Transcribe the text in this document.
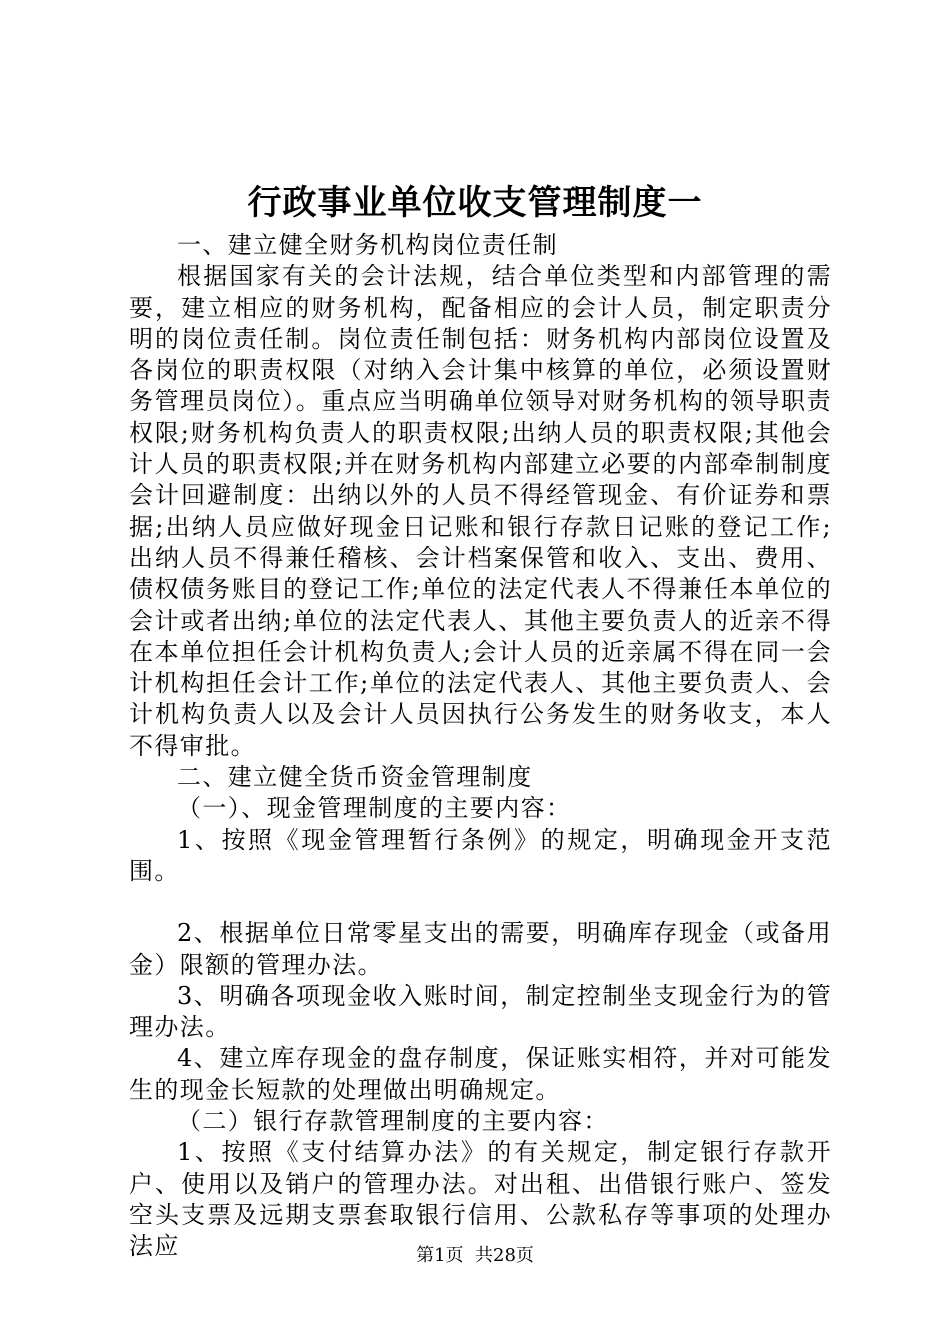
行政事业单位收支管理制度一

一、建立健全财务机构岗位责任制

根据国家有关的会计法规，结合单位类型和内部管理的需要，建立相应的财务机构，配备相应的会计人员，制定职责分明的岗位责任制。岗位责任制包括：财务机构内部岗位设置及各岗位的职责权限（对纳入会计集中核算的单位，必须设置财务管理员岗位）。重点应当明确单位领导对财务机构的领导职责权限;财务机构负责人的职责权限;出纳人员的职责权限;其他会计人员的职责权限;并在财务机构内部建立必要的内部牵制制度会计回避制度：出纳以外的人员不得经管现金、有价证券和票据;出纳人员应做好现金日记账和银行存款日记账的登记工作;出纳人员不得兼任稽核、会计档案保管和收入、支出、费用、债权债务账目的登记工作;单位的法定代表人不得兼任本单位的会计或者出纳;单位的法定代表人、其他主要负责人的近亲不得在本单位担任会计机构负责人;会计人员的近亲属不得在同一会计机构担任会计工作;单位的法定代表人、其他主要负责人、会计机构负责人以及会计人员因执行公务发生的财务收支，本人不得审批。

二、建立健全货币资金管理制度

（一）、现金管理制度的主要内容：

1、按照《现金管理暂行条例》的规定，明确现金开支范围。

2、根据单位日常零星支出的需要，明确库存现金（或备用金）限额的管理办法。

3、明确各项现金收入账时间，制定控制坐支现金行为的管理办法。

4、建立库存现金的盘存制度，保证账实相符，并对可能发生的现金长短款的处理做出明确规定。

（二）银行存款管理制度的主要内容：

1、按照《支付结算办法》的有关规定，制定银行存款开户、使用以及销户的管理办法。对出租、出借银行账户、签发空头支票及远期支票套取银行信用、公款私存等事项的处理办法应	第1页 共28页
